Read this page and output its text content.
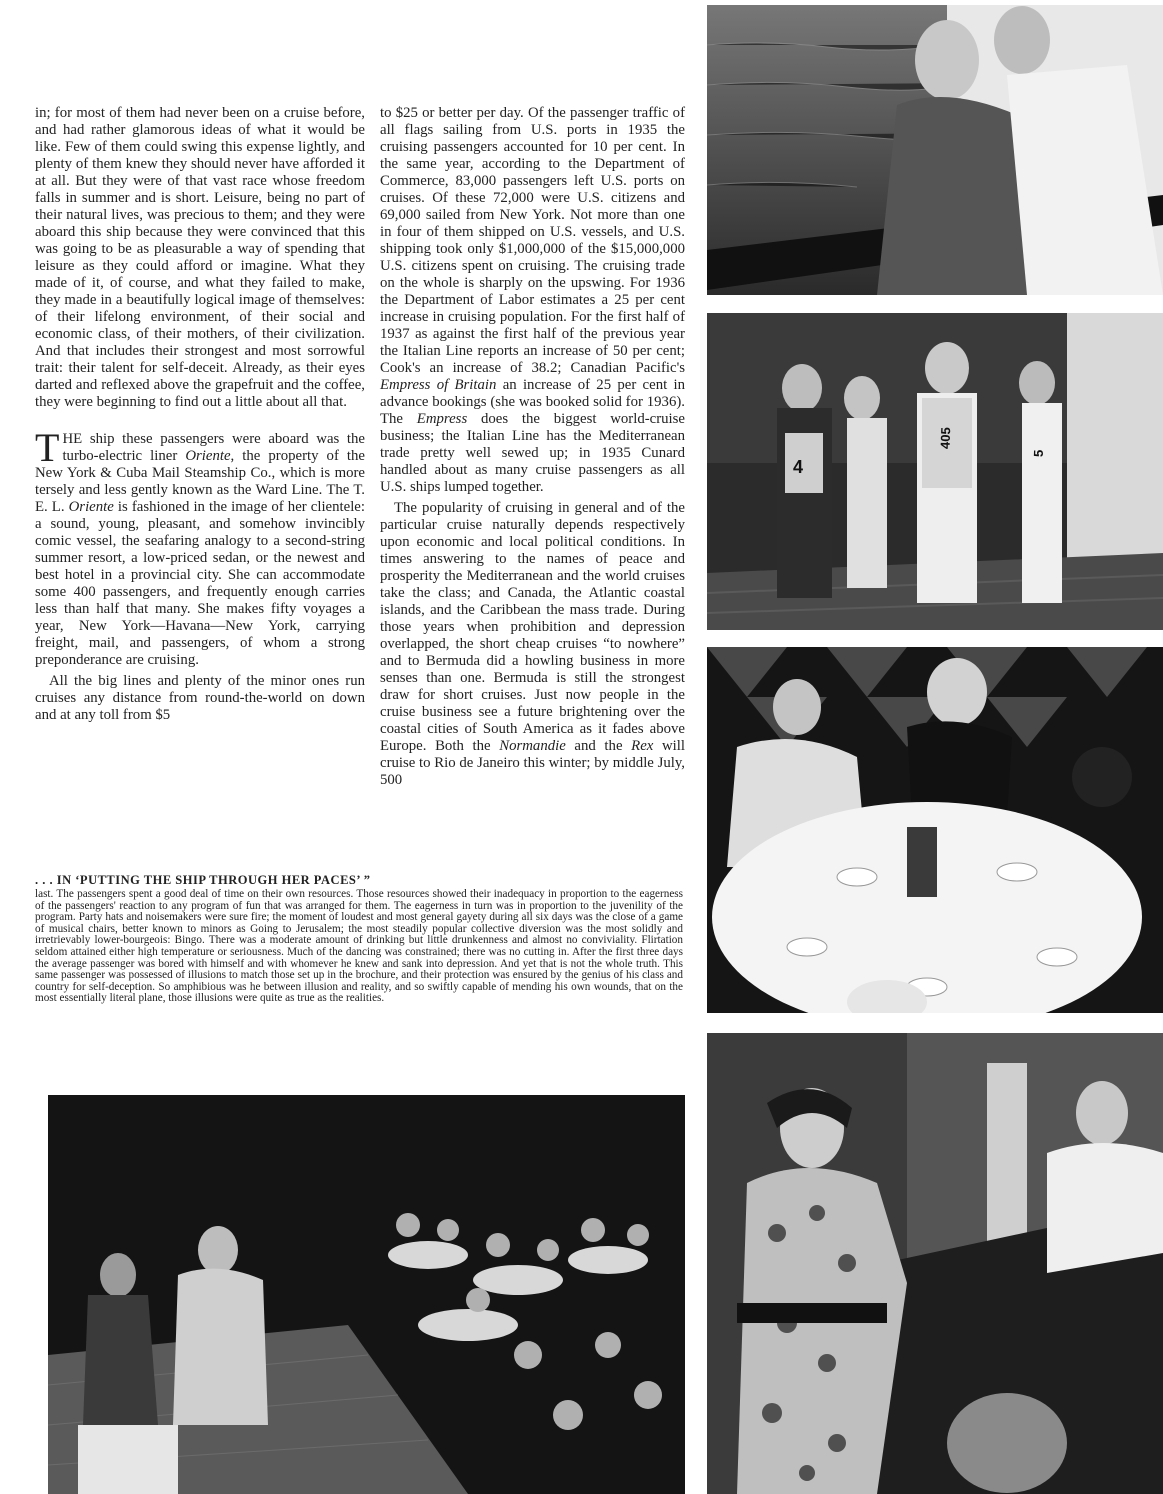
in; for most of them had never been on a cruise before, and had rather glamorous ideas of what it would be like. Few of them could swing this expense lightly, and plenty of them knew they should never have afforded it at all. But they were of that vast race whose freedom falls in summer and is short. Leisure, being no part of their natural lives, was precious to them; and they were aboard this ship because they were convinced that this was going to be as pleasurable a way of spending that leisure as they could afford or imagine. What they made of it, of course, and what they failed to make, they made in a beautifully logical image of themselves: of their lifelong environment, of their social and economic class, of their mothers, of their civilization. And that includes their strongest and most sorrowful trait: their talent for self-deceit. Already, as their eyes darted and reflexed above the grapefruit and the coffee, they were beginning to find out a little about all that.

THE ship these passengers were aboard was the turbo-electric liner Oriente, the property of the New York & Cuba Mail Steamship Co., which is more tersely and less gently known as the Ward Line. The T. E. L. Oriente is fashioned in the image of her clientele: a sound, young, pleasant, and somehow invincibly comic vessel, the seafaring analogy to a second-string summer resort, a low-priced sedan, or the newest and best hotel in a provincial city. She can accommodate some 400 passengers, and frequently enough carries less than half that many. She makes fifty voyages a year, New York—Havana—New York, carrying freight, mail, and passengers, of whom a strong preponderance are cruising.

All the big lines and plenty of the minor ones run cruises any distance from round-the-world on down and at any toll from $5

to $25 or better per day. Of the passenger traffic of all flags sailing from U.S. ports in 1935 the cruising passengers accounted for 10 per cent. In the same year, according to the Department of Commerce, 83,000 passengers left U.S. ports on cruises. Of these 72,000 were U.S. citizens and 69,000 sailed from New York. Not more than one in four of them shipped on U.S. vessels, and U.S. shipping took only $1,000,000 of the $15,000,000 U.S. citizens spent on cruising. The cruising trade on the whole is sharply on the upswing. For 1936 the Department of Labor estimates a 25 per cent increase in cruising population. For the first half of 1937 as against the first half of the previous year the Italian Line reports an increase of 50 per cent; Cook's an increase of 38.2; Canadian Pacific's Empress of Britain an increase of 25 per cent in advance bookings (she was booked solid for 1936). The Empress does the biggest world-cruise business; the Italian Line has the Mediterranean trade pretty well sewed up; in 1935 Cunard handled about as many cruise passengers as all U.S. ships lumped together.

The popularity of cruising in general and of the particular cruise naturally depends respectively upon economic and local political conditions. In times answering to the names of peace and prosperity the Mediterranean and the world cruises take the class; and Canada, the Atlantic coastal islands, and the Caribbean the mass trade. During those years when prohibition and depression overlapped, the short cheap cruises “to nowhere” and to Bermuda did a howling business in more senses than one. Bermuda is still the strongest draw for short cruises. Just now people in the cruise business see a future brightening over the coastal cities of South America as it fades above Europe. Both the Normandie and the Rex will cruise to Rio de Janeiro this winter; by middle July, 500

. . . IN ‘PUTTING THE SHIP THROUGH HER PACES’ ”
last. The passengers spent a good deal of time on their own resources. Those resources showed their inadequacy in proportion to the eagerness of the passengers' reaction to any program of fun that was arranged for them. The eagerness in turn was in proportion to the juvenility of the program. Party hats and noisemakers were sure fire; the moment of loudest and most general gayety during all six days was the close of a game of musical chairs, better known to minors as Going to Jerusalem; the most steadily popular collective diversion was the most solidly and irretrievably lower-bourgeois: Bingo. There was a moderate amount of drinking but little drunkenness and almost no conviviality. Flirtation seldom attained either high temperature or seriousness. Much of the dancing was constrained; there was no cutting in. After the first three days the average passenger was bored with himself and with whomever he knew and sank into depression. And yet that is not the whole truth. This same passenger was possessed of illusions to match those set up in the brochure, and their protection was ensured by the genius of his class and country for self-deception. So amphibious was he between illusion and reality, and so swiftly capable of mending his own wounds, that on the most essentially literal plane, those illusions were quite as true as the realities.
4
405
5
